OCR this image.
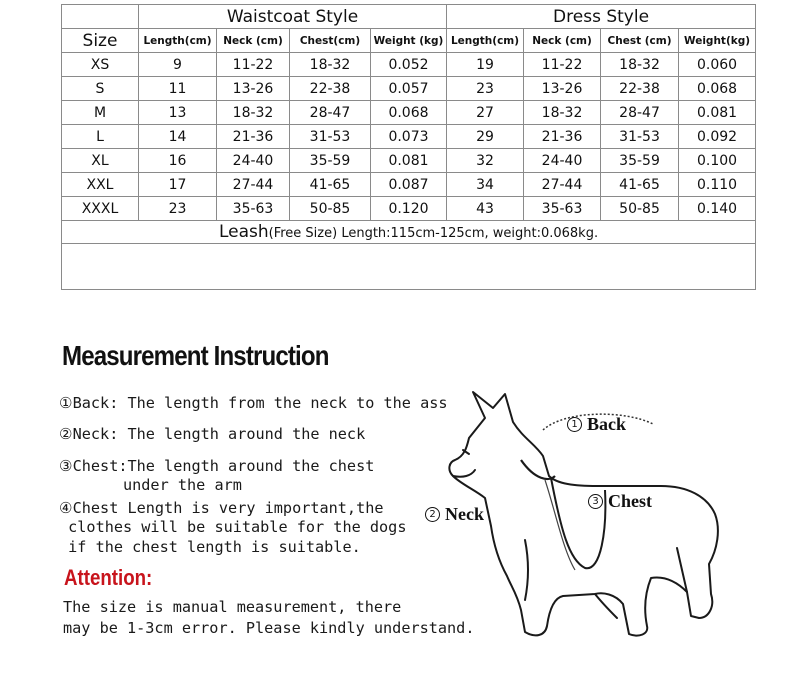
	Waistcoat Style				Dress Style			
Size	Length(cm)	Neck (cm)	Chest(cm)	Weight (kg)	Length(cm)	Neck (cm)	Chest (cm)	Weight(kg)
XS	9	11-22	18-32	0.052	19	11-22	18-32	0.060
S	11	13-26	22-38	0.057	23	13-26	22-38	0.068
M	13	18-32	28-47	0.068	27	18-32	28-47	0.081
L	14	21-36	31-53	0.073	29	21-36	31-53	0.092
XL	16	24-40	35-59	0.081	32	24-40	35-59	0.100
XXL	17	27-44	41-65	0.087	34	27-44	41-65	0.110
XXXL	23	35-63	50-85	0.120	43	35-63	50-85	0.140
Leash(Free Size) Length:115cm-125cm, weight:0.068kg.								

Measurement Instruction

①Back: The length from the neck to the ass

②Neck: The length around the neck

③Chest:The length around the chest

under the arm

④Chest Length is very important,the

clothes will be suitable for the dogs

if the chest length is suitable.

Attention:

The size is manual measurement, there

may be 1-3cm error. Please kindly understand.

1 Back
2 Neck
3 Chest
